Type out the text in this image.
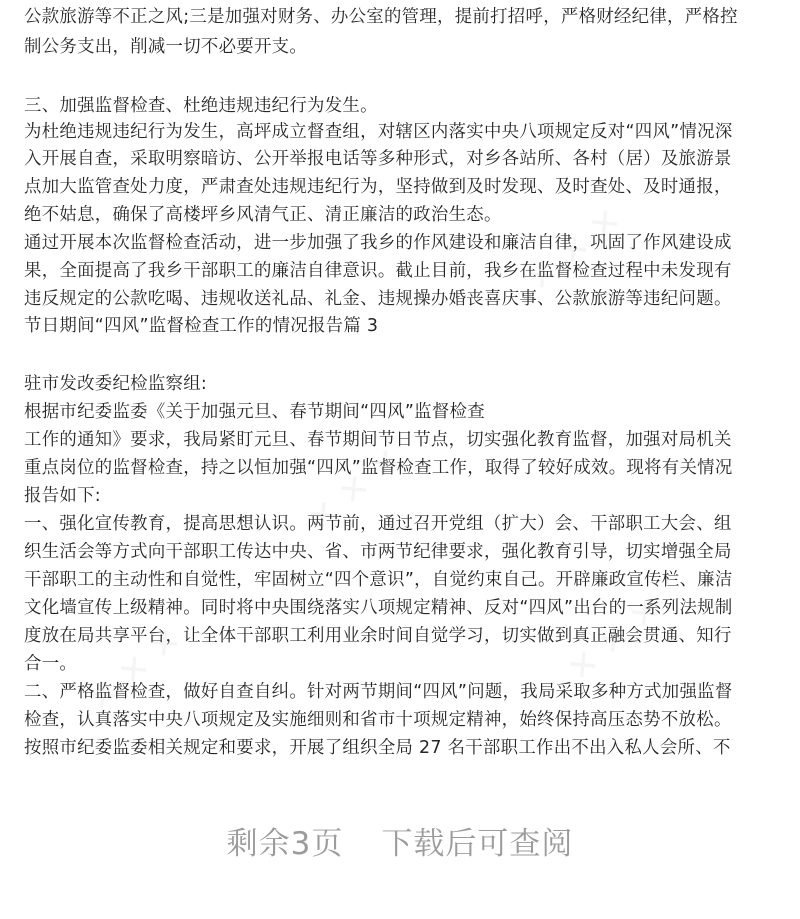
公款旅游等不正之风;三是加强对财务、办公室的管理，提前打招呼，严格财经纪律，严格控
制公务支出，削减一切不必要开支。
三、加强监督检查、杜绝违规违纪行为发生。
为杜绝违规违纪行为发生，高坪成立督查组，对辖区内落实中央八项规定反对“四风”情况深
入开展自查，采取明察暗访、公开举报电话等多种形式，对乡各站所、各村（居）及旅游景
点加大监管查处力度，严肃查处违规违纪行为，坚持做到及时发现、及时查处、及时通报，
绝不姑息，确保了高楼坪乡风清气正、清正廉洁的政治生态。
通过开展本次监督检查活动，进一步加强了我乡的作风建设和廉洁自律，巩固了作风建设成
果，全面提高了我乡干部职工的廉洁自律意识。截止目前，我乡在监督检查过程中未发现有
违反规定的公款吃喝、违规收送礼品、礼金、违规操办婚丧喜庆事、公款旅游等违纪问题。
节日期间“四风”监督检查工作的情况报告篇 3
驻市发改委纪检监察组:
根据市纪委监委《关于加强元旦、春节期间“四风”监督检查
工作的通知》要求，我局紧盯元旦、春节期间节日节点，切实强化教育监督，加强对局机关
重点岗位的监督检查，持之以恒加强“四风”监督检查工作，取得了较好成效。现将有关情况
报告如下:
一、强化宣传教育，提高思想认识。两节前，通过召开党组（扩大）会、干部职工大会、组
织生活会等方式向干部职工传达中央、省、市两节纪律要求，强化教育引导，切实增强全局
干部职工的主动性和自觉性，牢固树立“四个意识”，自觉约束自己。开辟廉政宣传栏、廉洁
文化墙宣传上级精神。同时将中央围绕落实八项规定精神、反对“四风”出台的一系列法规制
度放在局共享平台，让全体干部职工利用业余时间自觉学习，切实做到真正融会贯通、知行
合一。
二、严格监督检查，做好自查自纠。针对两节期间“四风”问题，我局采取多种方式加强监督
检查，认真落实中央八项规定及实施细则和省市十项规定精神，始终保持高压态势不放松。
按照市纪委监委相关规定和要求，开展了组织全局 27 名干部职工作出不出入私人会所、不
✕ ✕ ✕
✕ ✕ ✕
✕ ✕ ✕	✕ ✕ ✕
剩余3页 下载后可查阅
